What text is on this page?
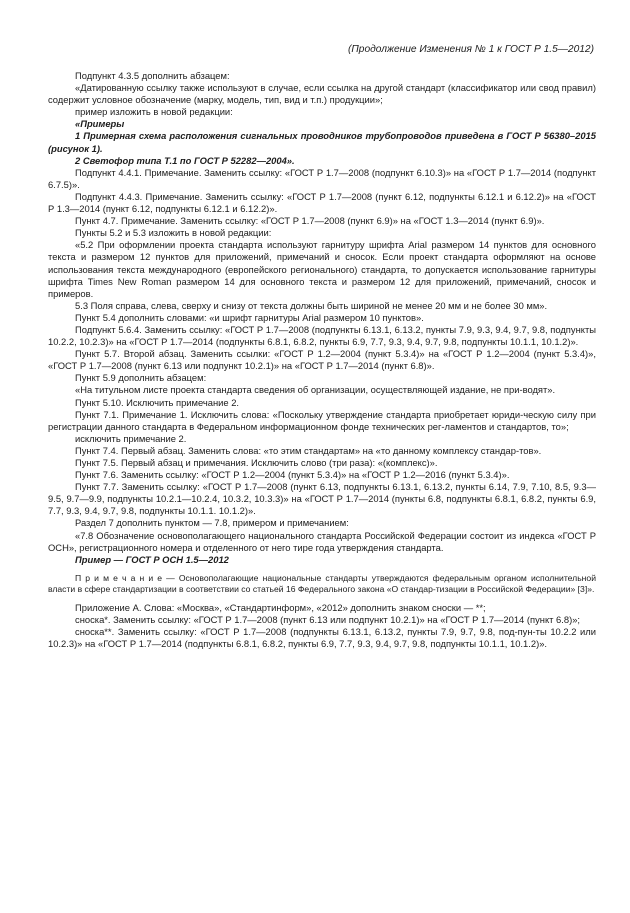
(Продолжение Изменения № 1 к ГОСТ Р 1.5—2012)

Подпункт 4.3.5 дополнить абзацем:

«Датированную ссылку также используют в случае, если ссылка на другой стандарт (классификатор или свод правил) содержит условное обозначение (марку, модель, тип, вид и т.п.) продукции»;

пример изложить в новой редакции:

«Примеры

1 Примерная схема расположения сигнальных проводников трубопроводов приведена в ГОСТ Р 56380–2015 (рисунок 1).

2 Светофор типа Т.1 по ГОСТ Р 52282—2004».

Подпункт 4.4.1. Примечание. Заменить ссылку: «ГОСТ Р 1.7—2008 (подпункт 6.10.3)» на «ГОСТ Р 1.7—2014 (подпункт 6.7.5)».

Подпункт 4.4.3. Примечание. Заменить ссылку: «ГОСТ Р 1.7—2008 (пункт 6.12, подпункты 6.12.1 и 6.12.2)» на «ГОСТ Р 1.3—2014 (пункт 6.12, подпункты 6.12.1 и 6.12.2)».

Пункт 4.7. Примечание. Заменить ссылку: «ГОСТ Р 1.7—2008 (пункт 6.9)» на «ГОСТ 1.3—2014 (пункт 6.9)».

Пункты 5.2 и 5.3 изложить в новой редакции:

«5.2 При оформлении проекта стандарта используют гарнитуру шрифта Arial размером 14 пунктов для основного текста и размером 12 пунктов для приложений, примечаний и сносок. Если проект стандарта оформляют на основе использования текста международного (европейского регионального) стандарта, то допускается использование гарнитуры шрифта Times New Roman размером 14 для основного текста и размером 12 для приложений, примечаний, сносок и примеров.

5.3 Поля справа, слева, сверху и снизу от текста должны быть шириной не менее 20 мм и не более 30 мм».

Пункт 5.4 дополнить словами: «и шрифт гарнитуры Arial размером 10 пунктов».

Подпункт 5.6.4. Заменить ссылку: «ГОСТ Р 1.7—2008 (подпункты 6.13.1, 6.13.2, пункты 7.9, 9.3, 9.4, 9.7, 9.8, подпункты 10.2.2, 10.2.3)» на «ГОСТ Р 1.7—2014 (подпункты 6.8.1, 6.8.2, пункты 6.9, 7.7, 9.3, 9.4, 9.7, 9.8, подпункты 10.1.1, 10.1.2)».

Пункт 5.7. Второй абзац. Заменить ссылки: «ГОСТ Р 1.2—2004 (пункт 5.3.4)» на «ГОСТ Р 1.2—2004 (пункт 5.3.4)», «ГОСТ Р 1.7—2008 (пункт 6.13 или подпункт 10.2.1)» на «ГОСТ Р 1.7—2014 (пункт 6.8)».

Пункт 5.9 дополнить абзацем:

«На титульном листе проекта стандарта сведения об организации, осуществляющей издание, не при-водят».

Пункт 5.10. Исключить примечание 2.

Пункт 7.1. Примечание 1. Исключить слова: «Поскольку утверждение стандарта приобретает юриди-ческую силу при регистрации данного стандарта в Федеральном информационном фонде технических рег-ламентов и стандартов, то»;

исключить примечание 2.

Пункт 7.4. Первый абзац. Заменить слова: «то этим стандартам» на «то данному комплексу стандар-тов».

Пункт 7.5. Первый абзац и примечания. Исключить слово (три раза): «(комплекс)».

Пункт 7.6. Заменить ссылку: «ГОСТ Р 1.2—2004 (пункт 5.3.4)» на «ГОСТ Р 1.2—2016 (пункт 5.3.4)».

Пункт 7.7. Заменить ссылку: «ГОСТ Р 1.7—2008 (пункт 6.13, подпункты 6.13.1, 6.13.2, пункты 6.14, 7.9, 7.10, 8.5, 9.3—9.5, 9.7—9.9, подпункты 10.2.1—10.2.4, 10.3.2, 10.3.3)» на «ГОСТ Р 1.7—2014 (пункты 6.8, подпункты 6.8.1, 6.8.2, пункты 6.9, 7.7, 9.3, 9.4, 9.7, 9.8, подпункты 10.1.1. 10.1.2)».

Раздел 7 дополнить пунктом — 7.8, примером и примечанием:

«7.8 Обозначение основополагающего национального стандарта Российской Федерации состоит из индекса «ГОСТ Р ОСН», регистрационного номера и отделенного от него тире года утверждения стандарта.

Пример — ГОСТ Р ОСН 1.5—2012

П р и м е ч а н и е — Основополагающие национальные стандарты утверждаются федеральным органом исполнительной власти в сфере стандартизации в соответствии со статьей 16 Федерального закона «О стандар-тизации в Российской Федерации» [3]».

Приложение А. Слова: «Москва», «Стандартинформ», «2012» дополнить знаком сноски — **;

сноска*. Заменить ссылку: «ГОСТ Р 1.7—2008 (пункт 6.13 или подпункт 10.2.1)» на «ГОСТ Р 1.7—2014 (пункт 6.8)»;

сноска**. Заменить ссылку: «ГОСТ Р 1.7—2008 (подпункты 6.13.1, 6.13.2, пункты 7.9, 9.7, 9.8, под-пун-ты 10.2.2 или 10.2.3)» на «ГОСТ Р 1.7—2014 (подпункты 6.8.1, 6.8.2, пункты 6.9, 7.7, 9.3, 9.4, 9.7, 9.8, подпункты 10.1.1, 10.1.2)».
